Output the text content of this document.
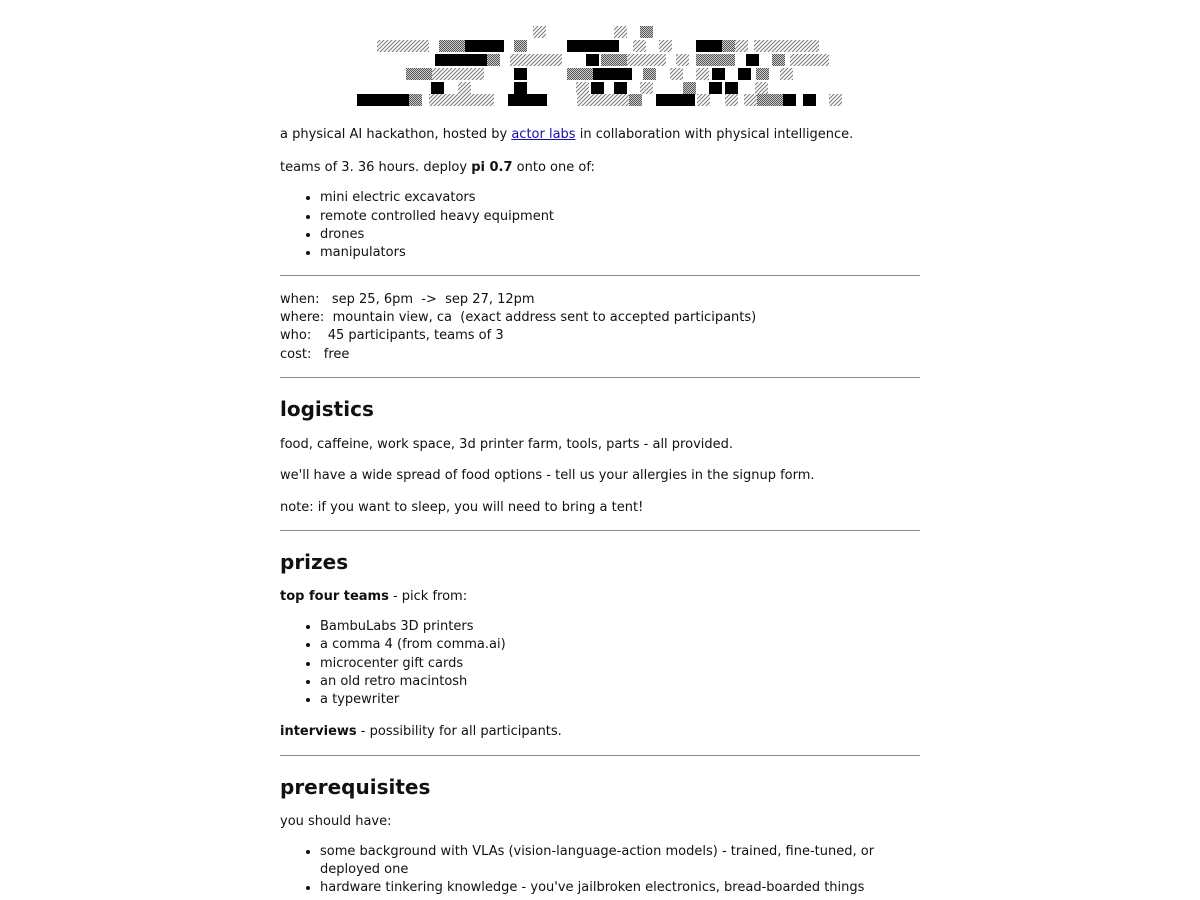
a physical AI hackathon, hosted by actor labs in collaboration with physical intelligence.

teams of 3. 36 hours. deploy pi 0.7 onto one of:

• mini electric excavators
• remote controlled heavy equipment
• drones
• manipulators
when:   sep 25, 6pm  ->  sep 27, 12pm
where:  mountain view, ca  (exact address sent to accepted participants)
who:    45 participants, teams of 3
cost:   free
logistics

food, caffeine, work space, 3d printer farm, tools, parts - all provided.

we'll have a wide spread of food options - tell us your allergies in the signup form.

note: if you want to sleep, you will need to bring a tent!

prizes

top four teams - pick from:

• BambuLabs 3D printers
• a comma 4 (from comma.ai)
• microcenter gift cards
• an old retro macintosh
• a typewriter

interviews - possibility for all participants.

prerequisites

you should have:

• some background with VLAs (vision-language-action models) - trained, fine-tuned, or deployed one
• hardware tinkering knowledge - you've jailbroken electronics, bread-boarded things
